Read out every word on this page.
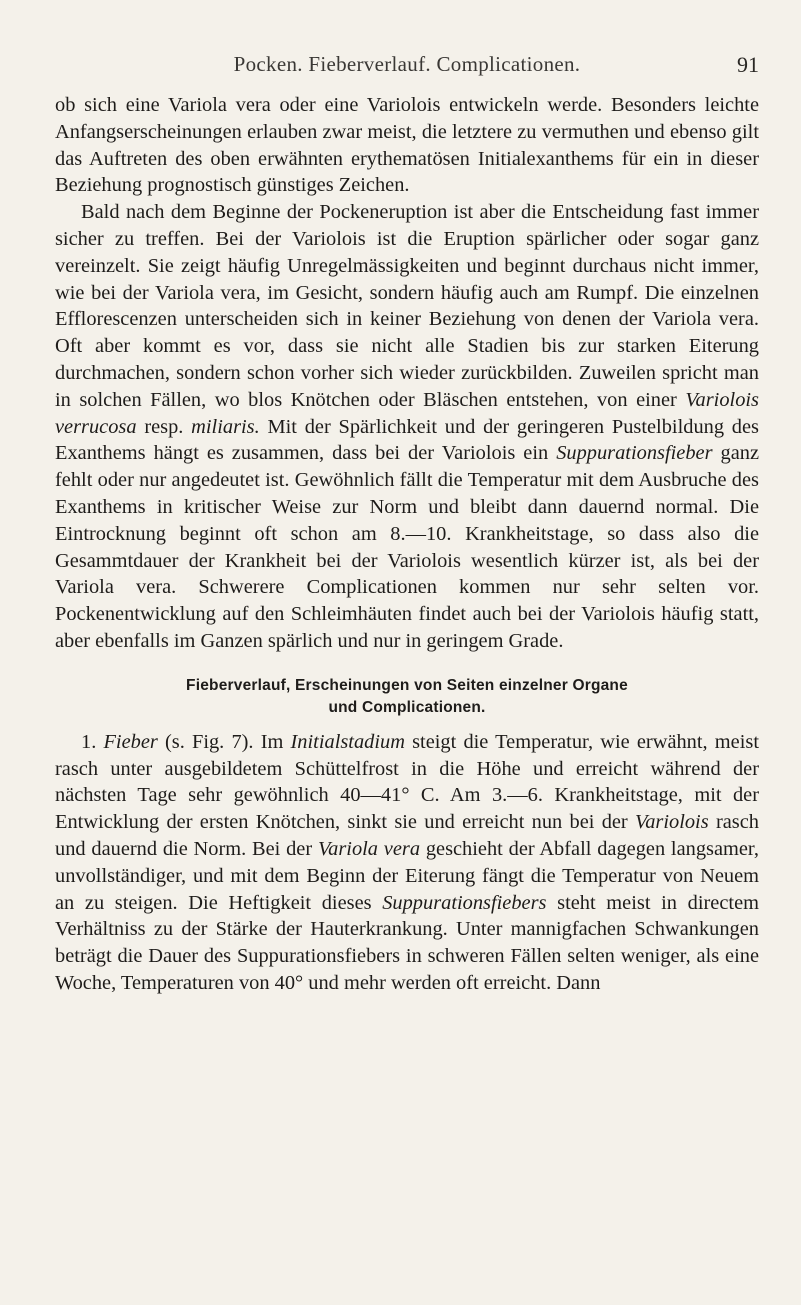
Pocken. Fieberverlauf. Complicationen.	91

ob sich eine Variola vera oder eine Variolois entwickeln werde. Besonders leichte Anfangserscheinungen erlauben zwar meist, die letztere zu vermuthen und ebenso gilt das Auftreten des oben erwähnten erythematösen Initialexanthems für ein in dieser Beziehung prognostisch günstiges Zeichen.

Bald nach dem Beginne der Pockeneruption ist aber die Entscheidung fast immer sicher zu treffen. Bei der Variolois ist die Eruption spärlicher oder sogar ganz vereinzelt. Sie zeigt häufig Unregelmässigkeiten und beginnt durchaus nicht immer, wie bei der Variola vera, im Gesicht, sondern häufig auch am Rumpf. Die einzelnen Efflorescenzen unterscheiden sich in keiner Beziehung von denen der Variola vera. Oft aber kommt es vor, dass sie nicht alle Stadien bis zur starken Eiterung durchmachen, sondern schon vorher sich wieder zurückbilden. Zuweilen spricht man in solchen Fällen, wo blos Knötchen oder Bläschen entstehen, von einer Variolois verrucosa resp. miliaris. Mit der Spärlichkeit und der geringeren Pustelbildung des Exanthems hängt es zusammen, dass bei der Variolois ein Suppurationsfieber ganz fehlt oder nur angedeutet ist. Gewöhnlich fällt die Temperatur mit dem Ausbruche des Exanthems in kritischer Weise zur Norm und bleibt dann dauernd normal. Die Eintrocknung beginnt oft schon am 8.—10. Krankheitstage, so dass also die Gesammtdauer der Krankheit bei der Variolois wesentlich kürzer ist, als bei der Variola vera. Schwerere Complicationen kommen nur sehr selten vor. Pockenentwicklung auf den Schleimhäuten findet auch bei der Variolois häufig statt, aber ebenfalls im Ganzen spärlich und nur in geringem Grade.

Fieberverlauf, Erscheinungen von Seiten einzelner Organe
und Complicationen.

1. Fieber (s. Fig. 7). Im Initialstadium steigt die Temperatur, wie erwähnt, meist rasch unter ausgebildetem Schüttelfrost in die Höhe und erreicht während der nächsten Tage sehr gewöhnlich 40—41° C. Am 3.—6. Krankheitstage, mit der Entwicklung der ersten Knötchen, sinkt sie und erreicht nun bei der Variolois rasch und dauernd die Norm. Bei der Variola vera geschieht der Abfall dagegen langsamer, unvollständiger, und mit dem Beginn der Eiterung fängt die Temperatur von Neuem an zu steigen. Die Heftigkeit dieses Suppurationsfiebers steht meist in directem Verhältniss zu der Stärke der Hauterkrankung. Unter mannigfachen Schwankungen beträgt die Dauer des Suppurationsfiebers in schweren Fällen selten weniger, als eine Woche, Temperaturen von 40° und mehr werden oft erreicht. Dann
